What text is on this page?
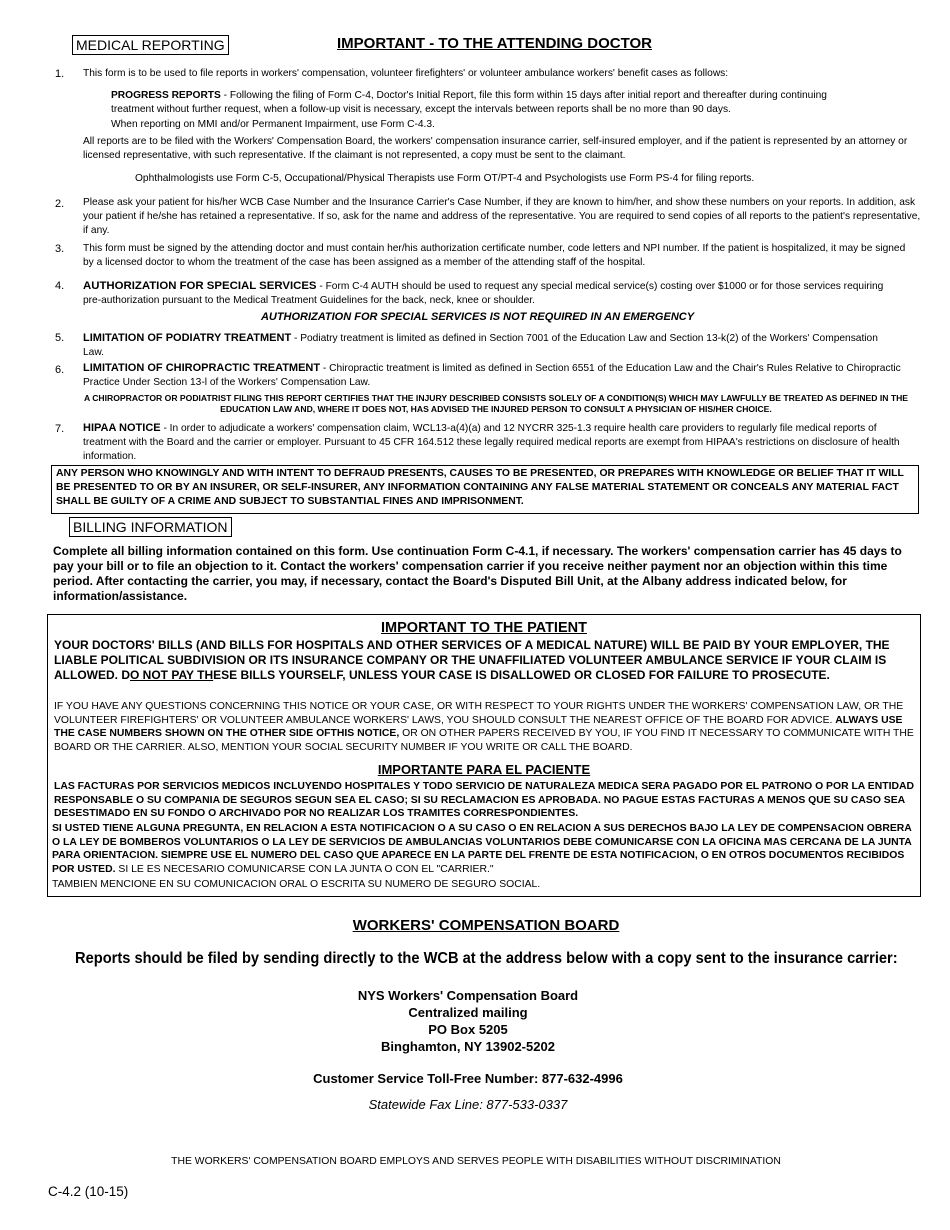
MEDICAL REPORTING	IMPORTANT - TO THE ATTENDING DOCTOR
1. This form is to be used to file reports in workers' compensation, volunteer firefighters' or volunteer ambulance workers' benefit cases as follows:
PROGRESS REPORTS - Following the filing of Form C-4, Doctor's Initial Report, file this form within 15 days after initial report and thereafter during continuing treatment without further request, when a follow-up visit is necessary, except the intervals between reports shall be no more than 90 days.
When reporting on MMI and/or Permanent Impairment, use Form C-4.3.
All reports are to be filed with the Workers' Compensation Board, the workers' compensation insurance carrier, self-insured employer, and if the patient is represented by an attorney or licensed representative, with such representative. If the claimant is not represented, a copy must be sent to the claimant.
Ophthalmologists use Form C-5, Occupational/Physical Therapists use Form OT/PT-4 and Psychologists use Form PS-4 for filing reports.
2. Please ask your patient for his/her WCB Case Number and the Insurance Carrier's Case Number, if they are known to him/her, and show these numbers on your reports. In addition, ask your patient if he/she has retained a representative. If so, ask for the name and address of the representative. You are required to send copies of all reports to the patient's representative, if any.
3. This form must be signed by the attending doctor and must contain her/his authorization certificate number, code letters and NPI number. If the patient is hospitalized, it may be signed by a licensed doctor to whom the treatment of the case has been assigned as a member of the attending staff of the hospital.
4. AUTHORIZATION FOR SPECIAL SERVICES - Form C-4 AUTH should be used to request any special medical service(s) costing over $1000 or for those services requiring pre-authorization pursuant to the Medical Treatment Guidelines for the back, neck, knee or shoulder.
AUTHORIZATION FOR SPECIAL SERVICES IS NOT REQUIRED IN AN EMERGENCY
5. LIMITATION OF PODIATRY TREATMENT - Podiatry treatment is limited as defined in Section 7001 of the Education Law and Section 13-k(2) of the Workers' Compensation Law.
6. LIMITATION OF CHIROPRACTIC TREATMENT - Chiropractic treatment is limited as defined in Section 6551 of the Education Law and the Chair's Rules Relative to Chiropractic Practice Under Section 13-l of the Workers' Compensation Law.
A CHIROPRACTOR OR PODIATRIST FILING THIS REPORT CERTIFIES THAT THE INJURY DESCRIBED CONSISTS SOLELY OF A CONDITION(S) WHICH MAY LAWFULLY BE TREATED AS DEFINED IN THE EDUCATION LAW AND, WHERE IT DOES NOT, HAS ADVISED THE INJURED PERSON TO CONSULT A PHYSICIAN OF HIS/HER CHOICE.
7. HIPAA NOTICE - In order to adjudicate a workers' compensation claim, WCL13-a(4)(a) and 12 NYCRR 325-1.3 require health care providers to regularly file medical reports of treatment with the Board and the carrier or employer. Pursuant to 45 CFR 164.512 these legally required medical reports are exempt from HIPAA's restrictions on disclosure of health information.
ANY PERSON WHO KNOWINGLY AND WITH INTENT TO DEFRAUD PRESENTS, CAUSES TO BE PRESENTED, OR PREPARES WITH KNOWLEDGE OR BELIEF THAT IT WILL BE PRESENTED TO OR BY AN INSURER, OR SELF-INSURER, ANY INFORMATION CONTAINING ANY FALSE MATERIAL STATEMENT OR CONCEALS ANY MATERIAL FACT SHALL BE GUILTY OF A CRIME AND SUBJECT TO SUBSTANTIAL FINES AND IMPRISONMENT.
BILLING INFORMATION
Complete all billing information contained on this form. Use continuation Form C-4.1, if necessary. The workers' compensation carrier has 45 days to pay your bill or to file an objection to it. Contact the workers' compensation carrier if you receive neither payment nor an objection within this time period. After contacting the carrier, you may, if necessary, contact the Board's Disputed Bill Unit, at the Albany address indicated below, for information/assistance.
IMPORTANT TO THE PATIENT
YOUR DOCTORS' BILLS (AND BILLS FOR HOSPITALS AND OTHER SERVICES OF A MEDICAL NATURE) WILL BE PAID BY YOUR EMPLOYER, THE LIABLE POLITICAL SUBDIVISION OR ITS INSURANCE COMPANY OR THE UNAFFILIATED VOLUNTEER AMBULANCE SERVICE IF YOUR CLAIM IS ALLOWED. DO NOT PAY THESE BILLS YOURSELF, UNLESS YOUR CASE IS DISALLOWED OR CLOSED FOR FAILURE TO PROSECUTE.
IF YOU HAVE ANY QUESTIONS CONCERNING THIS NOTICE OR YOUR CASE, OR WITH RESPECT TO YOUR RIGHTS UNDER THE WORKERS' COMPENSATION LAW, OR THE VOLUNTEER FIREFIGHTERS' OR VOLUNTEER AMBULANCE WORKERS' LAWS, YOU SHOULD CONSULT THE NEAREST OFFICE OF THE BOARD FOR ADVICE. ALWAYS USE THE CASE NUMBERS SHOWN ON THE OTHER SIDE OFTHIS NOTICE, OR ON OTHER PAPERS RECEIVED BY YOU, IF YOU FIND IT NECESSARY TO COMMUNICATE WITH THE BOARD OR THE CARRIER. ALSO, MENTION YOUR SOCIAL SECURITY NUMBER IF YOU WRITE OR CALL THE BOARD.
IMPORTANTE PARA EL PACIENTE
LAS FACTURAS POR SERVICIOS MEDICOS INCLUYENDO HOSPITALES Y TODO SERVICIO DE NATURALEZA MEDICA SERA PAGADO POR EL PATRONO O POR LA ENTIDAD RESPONSABLE O SU COMPANIA DE SEGUROS SEGUN SEA EL CASO; SI SU RECLAMACION ES APROBADA. NO PAGUE ESTAS FACTURAS A MENOS QUE SU CASO SEA DESESTIMADO EN SU FONDO O ARCHIVADO POR NO REALIZAR LOS TRAMITES CORRESPONDIENTES.
SI USTED TIENE ALGUNA PREGUNTA, EN RELACION A ESTA NOTIFICACION O A SU CASO O EN RELACION A SUS DERECHOS BAJO LA LEY DE COMPENSACION OBRERA O LA LEY DE BOMBEROS VOLUNTARIOS O LA LEY DE SERVICIOS DE AMBULANCIAS VOLUNTARIOS DEBE COMUNICARSE CON LA OFICINA MAS CERCANA DE LA JUNTA PARA ORIENTACION. SIEMPRE USE EL NUMERO DEL CASO QUE APARECE EN LA PARTE DEL FRENTE DE ESTA NOTIFICACION, O EN OTROS DOCUMENTOS RECIBIDOS POR USTED. SI LE ES NECESARIO COMUNICARSE CON LA JUNTA O CON EL "CARRIER."
TAMBIEN MENCIONE EN SU COMUNICACION ORAL O ESCRITA SU NUMERO DE SEGURO SOCIAL.
WORKERS' COMPENSATION BOARD
Reports should be filed by sending directly to the WCB at the address below with a copy sent to the insurance carrier:
NYS Workers' Compensation Board
Centralized mailing
PO Box 5205
Binghamton, NY 13902-5202
Customer Service Toll-Free Number: 877-632-4996
Statewide Fax Line: 877-533-0337
THE WORKERS' COMPENSATION BOARD EMPLOYS AND SERVES PEOPLE WITH DISABILITIES WITHOUT DISCRIMINATION
C-4.2 (10-15)
